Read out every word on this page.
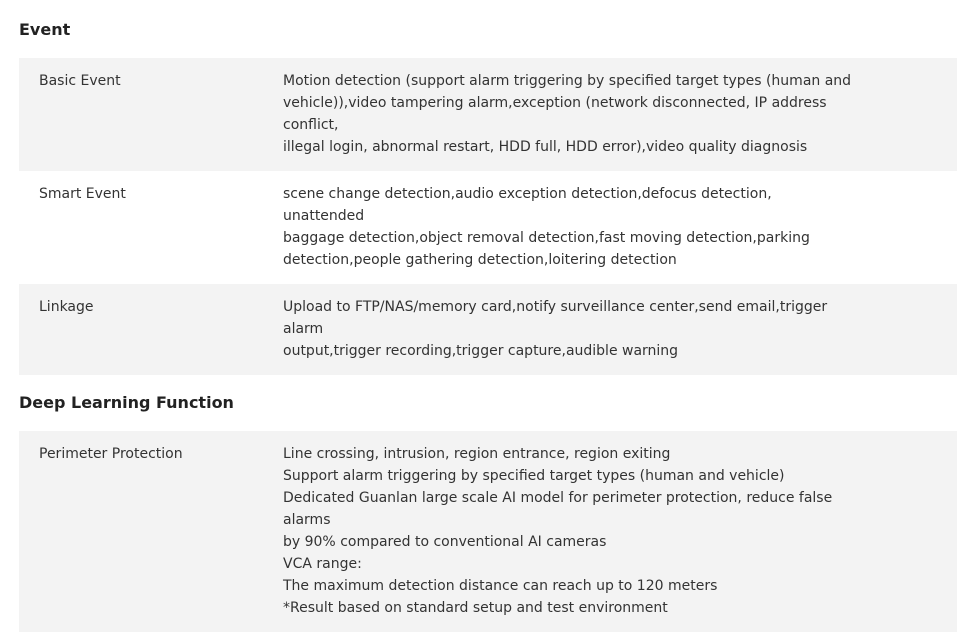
Event
Basic Event	Motion detection (support alarm triggering by specified target types (human and
vehicle)),video tampering alarm,exception (network disconnected, IP address conflict,
illegal login, abnormal restart, HDD full, HDD error),video quality diagnosis
Smart Event	scene change detection,audio exception detection,defocus detection, unattended
baggage detection,object removal detection,fast moving detection,parking
detection,people gathering detection,loitering detection
Linkage	Upload to FTP/NAS/memory card,notify surveillance center,send email,trigger alarm
output,trigger recording,trigger capture,audible warning
Deep Learning Function
Perimeter Protection	Line crossing, intrusion, region entrance, region exiting
Support alarm triggering by specified target types (human and vehicle)
Dedicated Guanlan large scale AI model for perimeter protection, reduce false alarms
by 90% compared to conventional AI cameras
VCA range:
The maximum detection distance can reach up to 120 meters
*Result based on standard setup and test environment
